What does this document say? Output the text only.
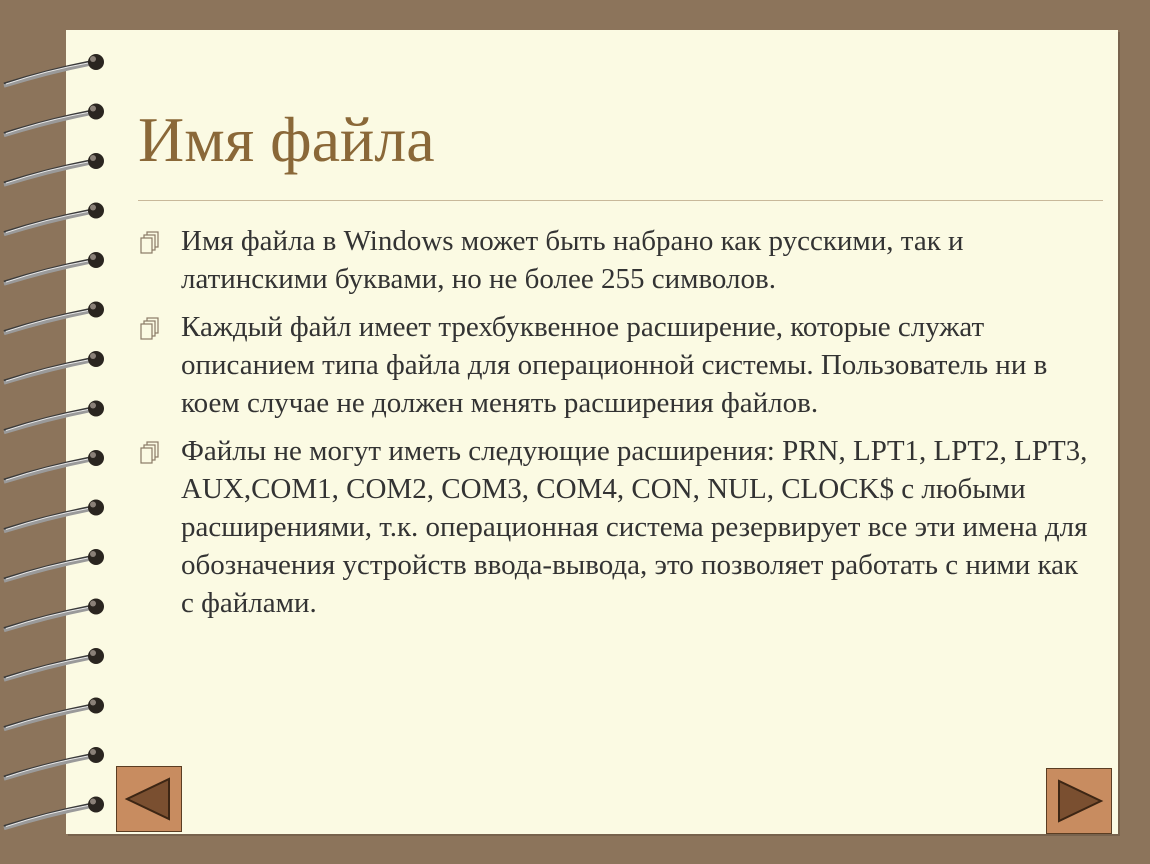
Имя файла
Имя файла в Windows может быть набрано как русскими, так и латинскими буквами, но не более 255 символов.
Каждый файл имеет трехбуквенное расширение, которые служат описанием типа файла для операционной системы. Пользователь ни в коем случае не должен менять расширения файлов.
Файлы не могут иметь следующие расширения: PRN, LPT1, LPT2, LPT3, AUX,COM1, COM2, COM3, COM4, CON, NUL, CLOCK$ с любыми расширениями, т.к. операционная система резервирует все эти имена для обозначения устройств ввода-вывода, это позволяет работать с ними как с файлами.
